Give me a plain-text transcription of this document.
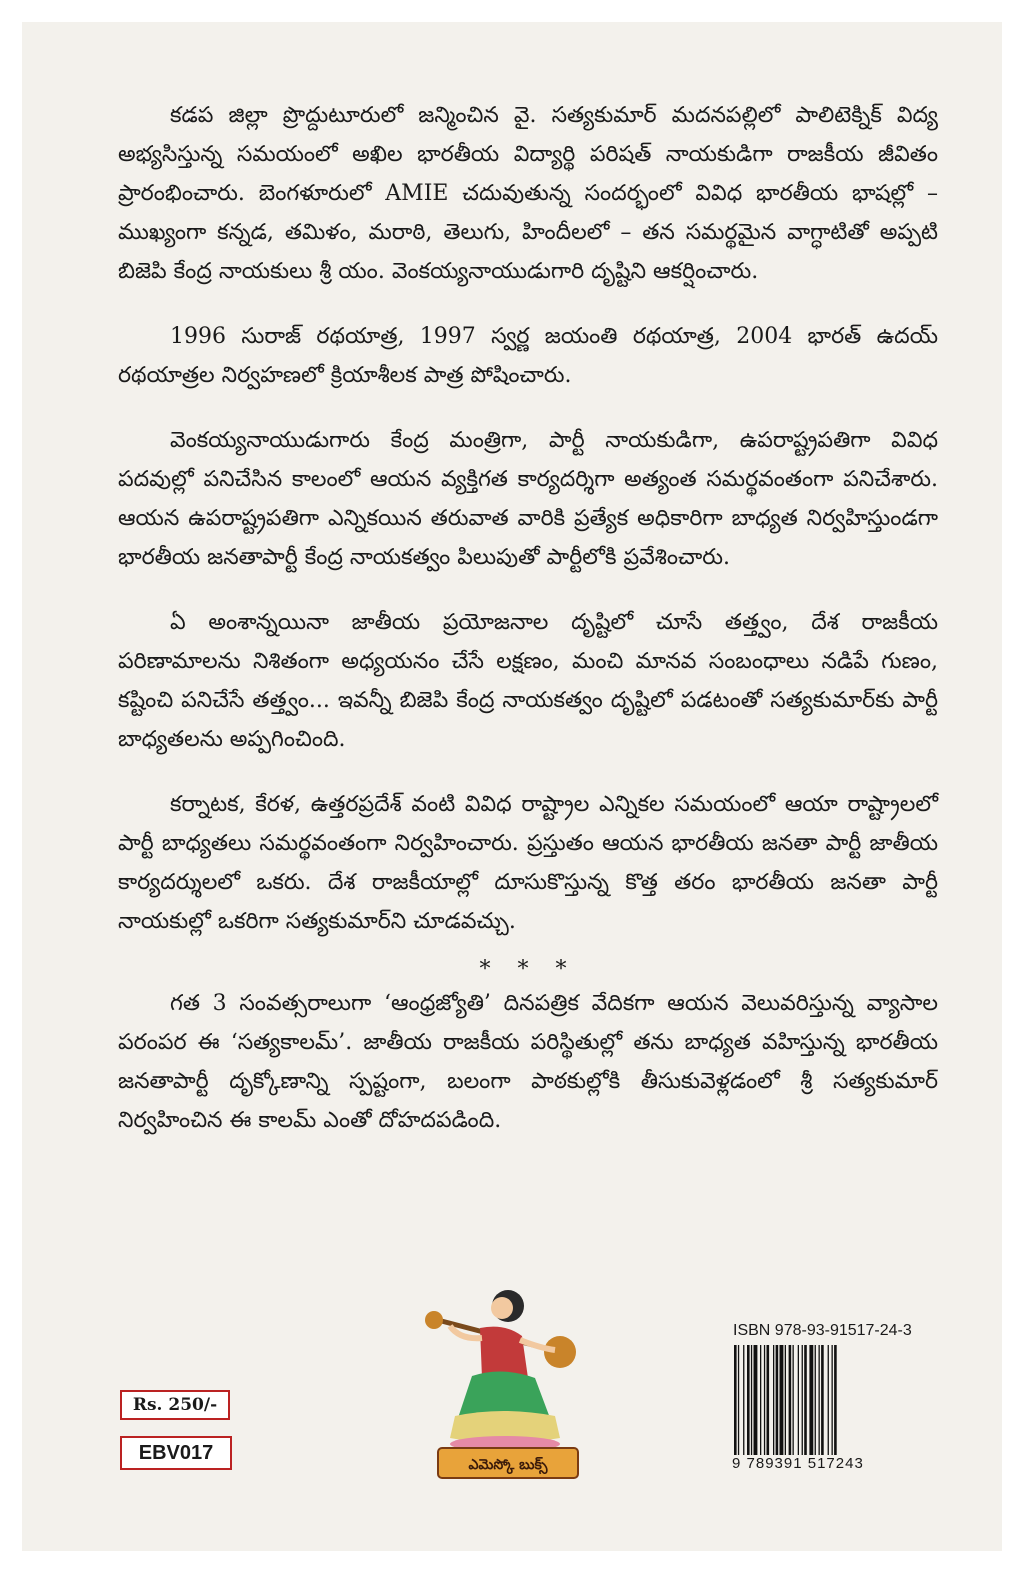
కడప జిల్లా ప్రొద్దుటూరులో జన్మించిన వై. సత్యకుమార్ మదనపల్లిలో పాలిటెక్నిక్ విద్య అభ్యసిస్తున్న సమయంలో అఖిల భారతీయ విద్యార్థి పరిషత్ నాయకుడిగా రాజకీయ జీవితం ప్రారంభించారు. బెంగళూరులో AMIE చదువుతున్న సందర్భంలో వివిధ భారతీయ భాషల్లో – ముఖ్యంగా కన్నడ, తమిళం, మరాఠి, తెలుగు, హిందీలలో – తన సమర్థమైన వాగ్ధాటితో అప్పటి బిజెపి కేంద్ర నాయకులు శ్రీ యం. వెంకయ్యనాయుడుగారి దృష్టిని ఆకర్షించారు.

1996 సురాజ్ రథయాత్ర, 1997 స్వర్ణ జయంతి రథయాత్ర, 2004 భారత్ ఉదయ్ రథయాత్రల నిర్వహణలో క్రియాశీలక పాత్ర పోషించారు.

వెంకయ్యనాయుడుగారు కేంద్ర మంత్రిగా, పార్టీ నాయకుడిగా, ఉపరాష్ట్రపతిగా వివిధ పదవుల్లో పనిచేసిన కాలంలో ఆయన వ్యక్తిగత కార్యదర్శిగా అత్యంత సమర్థవంతంగా పనిచేశారు. ఆయన ఉపరాష్ట్రపతిగా ఎన్నికయిన తరువాత వారికి ప్రత్యేక అధికారిగా బాధ్యత నిర్వహిస్తుండగా భారతీయ జనతాపార్టీ కేంద్ర నాయకత్వం పిలుపుతో పార్టీలోకి ప్రవేశించారు.

ఏ అంశాన్నయినా జాతీయ ప్రయోజనాల దృష్టిలో చూసే తత్త్వం, దేశ రాజకీయ పరిణామాలను నిశితంగా అధ్యయనం చేసే లక్షణం, మంచి మానవ సంబంధాలు నడిపే గుణం, కష్టించి పనిచేసే తత్త్వం... ఇవన్నీ బిజెపి కేంద్ర నాయకత్వం దృష్టిలో పడటంతో సత్యకుమార్‌కు పార్టీ బాధ్యతలను అప్పగించింది.

కర్నాటక, కేరళ, ఉత్తరప్రదేశ్ వంటి వివిధ రాష్ట్రాల ఎన్నికల సమయంలో ఆయా రాష్ట్రాలలో పార్టీ బాధ్యతలు సమర్థవంతంగా నిర్వహించారు. ప్రస్తుతం ఆయన భారతీయ జనతా పార్టీ జాతీయ కార్యదర్శులలో ఒకరు. దేశ రాజకీయాల్లో దూసుకొస్తున్న కొత్త తరం భారతీయ జనతా పార్టీ నాయకుల్లో ఒకరిగా సత్యకుమార్‌ని చూడవచ్చు.

* * *

గత 3 సంవత్సరాలుగా ‘ఆంధ్రజ్యోతి’ దినపత్రిక వేదికగా ఆయన వెలువరిస్తున్న వ్యాసాల పరంపర ఈ ‘సత్యకాలమ్’. జాతీయ రాజకీయ పరిస్థితుల్లో తను బాధ్యత వహిస్తున్న భారతీయ జనతాపార్టీ దృక్కోణాన్ని స్పష్టంగా, బలంగా పాఠకుల్లోకి తీసుకువెళ్లడంలో శ్రీ సత్యకుమార్ నిర్వహించిన ఈ కాలమ్ ఎంతో దోహదపడింది.

ఎమెస్కో బుక్స్
Rs. 250/-
EBV017
ISBN 978-93-91517-24-3
9 789391 517243
